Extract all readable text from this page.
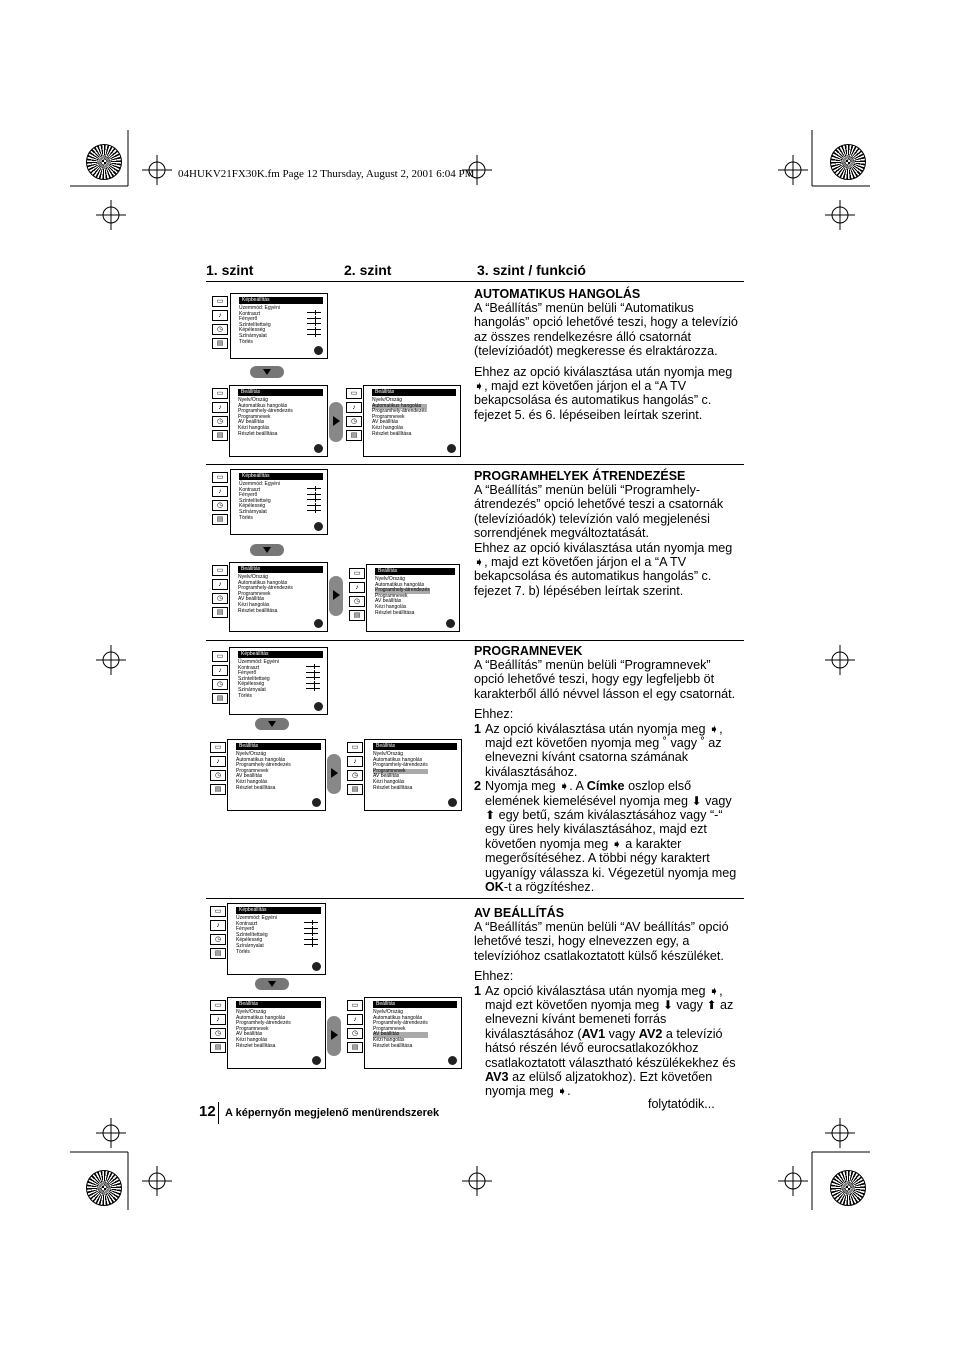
04HUKV21FX30K.fm Page 12 Thursday, August 2, 2001 6:04 PM
1. szint	2. szint	3. szint / funkció
▭
♪
◷
▤
Képbeállítás
Üzemmód: Egyéni
Kontraszt
Fényerő
Színtelítettség
Képélesség
Színárnyalat
Törlés
▭
♪
◷
▤
Beállítás
Nyelv/Ország
Automatikus hangolás
Programhely-átrendezés
Programnevek
AV beállítás
Kézi hangolás
Részlet beállítása
▭
♪
◷
▤
Beállítás
Nyelv/Ország
Automatikus hangolás
Programhely-átrendezés
Programnevek
AV beállítás
Kézi hangolás
Részlet beállítása
▭
♪
◷
▤
Képbeállítás
Üzemmód: Egyéni
Kontraszt
Fényerő
Színtelítettség
Képélesség
Színárnyalat
Törlés
▭
♪
◷
▤
Beállítás
Nyelv/Ország
Automatikus hangolás
Programhely-átrendezés
Programnevek
AV beállítás
Kézi hangolás
Részlet beállítása
▭
♪
◷
▤
Beállítás
Nyelv/Ország
Automatikus hangolás
Programhely-átrendezés
Programnevek
AV beállítás
Kézi hangolás
Részlet beállítása
▭
♪
◷
▤
Képbeállítás
Üzemmód: Egyéni
Kontraszt
Fényerő
Színtelítettség
Képélesség
Színárnyalat
Törlés
▭
♪
◷
▤
Beállítás
Nyelv/Ország
Automatikus hangolás
Programhely-átrendezés
Programnevek
AV beállítás
Kézi hangolás
Részlet beállítása
▭
♪
◷
▤
Beállítás
Nyelv/Ország
Automatikus hangolás
Programhely-átrendezés
Programnevek
AV beállítás
Kézi hangolás
Részlet beállítása
▭
♪
◷
▤
Képbeállítás
Üzemmód: Egyéni
Kontraszt
Fényerő
Színtelítettség
Képélesség
Színárnyalat
Törlés
▭
♪
◷
▤
Beállítás
Nyelv/Ország
Automatikus hangolás
Programhely-átrendezés
Programnevek
AV beállítás
Kézi hangolás
Részlet beállítása
▭
♪
◷
▤
Beállítás
Nyelv/Ország
Automatikus hangolás
Programhely-átrendezés
Programnevek
AV beállítás
Kézi hangolás
Részlet beállítása
AUTOMATIKUS HANGOLÁS

A “Beállítás” menün belüli “Automatikus hangolás” opció lehetővé teszi, hogy a televízió az összes rendelkezésre álló csatornát (televízióadót) megkeresse és elraktározza.

Ehhez az opció kiválasztása után nyomja meg ➧, majd ezt követően járjon el a “A TV bekapcsolása és automatikus hangolás” c. fejezet 5. és 6. lépéseiben leírtak szerint.

PROGRAMHELYEK ÁTRENDEZÉSE

A “Beállítás” menün belüli “Programhely-átrendezés” opció lehetővé teszi a csatornák (televízióadók) televízión való megjelenési sorrendjének megváltoztatását.

Ehhez az opció kiválasztása után nyomja meg ➧, majd ezt követően járjon el a “A TV bekapcsolása és automatikus hangolás” c. fejezet 7. b) lépésében leírtak szerint.

PROGRAMNEVEK

A “Beállítás” menün belüli “Programnevek” opció lehetővé teszi, hogy egy legfeljebb öt karakterből álló névvel lásson el egy csatornát.

Ehhez:

1 Az opció kiválasztása után nyomja meg ➧, majd ezt követően nyomja meg ˚ vagy ˚ az elnevezni kívánt csatorna számának kiválasztásához.
2 Nyomja meg ➧. A Címke oszlop első elemének kiemelésével nyomja meg ⬇ vagy ⬆ egy betű, szám kiválasztásához vagy “-“ egy üres hely kiválasztásához, majd ezt követően nyomja meg ➧ a karakter megerősítéséhez. A többi négy karaktert ugyanígy válassza ki. Végezetül nyomja meg OK-t a rögzítéshez.
AV BEÁLLÍTÁS

A “Beállítás” menün belüli “AV beállítás” opció lehetővé teszi, hogy elnevezzen egy, a televízióhoz csatlakoztatott külső készüléket.

Ehhez:

1 Az opció kiválasztása után nyomja meg ➧, majd ezt követően nyomja meg ⬇ vagy ⬆ az elnevezni kívánt bemeneti forrás kiválasztásához (AV1 vagy AV2 a televízió hátsó részén lévő eurocsatlakozókhoz csatlakoztatott választható készülékekhez és AV3 az elülső aljzatokhoz). Ezt követően nyomja meg ➧.
folytatódik...
12 A képernyőn megjelenő menürendszerek
